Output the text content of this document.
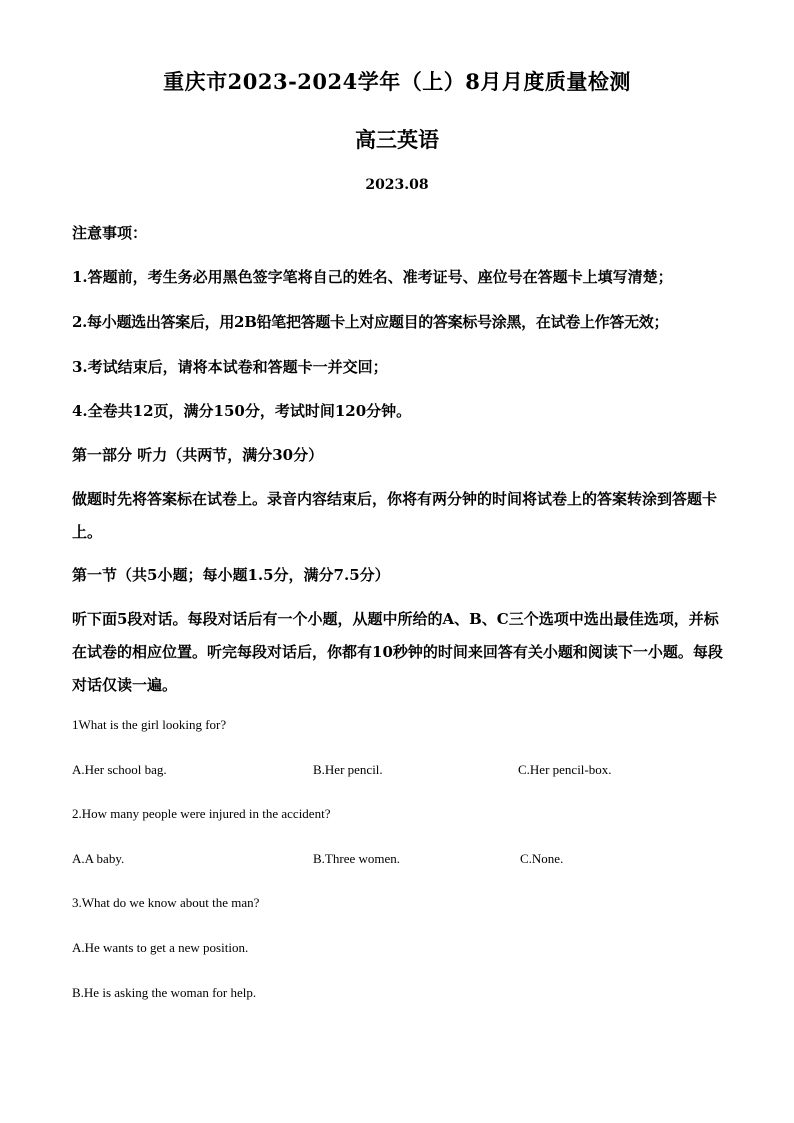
重庆市2023-2024学年（上）8月月度质量检测
高三英语
2023.08
注意事项：
1.答题前，考生务必用黑色签字笔将自己的姓名、准考证号、座位号在答题卡上填写清楚；
2.每小题选出答案后，用2B铅笔把答题卡上对应题目的答案标号涂黑，在试卷上作答无效；
3.考试结束后，请将本试卷和答题卡一并交回；
4.全卷共12页，满分150分，考试时间120分钟。
第一部分 听力（共两节，满分30分）
做题时先将答案标在试卷上。录音内容结束后，你将有两分钟的时间将试卷上的答案转涂到答题卡上。
第一节（共5小题；每小题1.5分，满分7.5分）
听下面5段对话。每段对话后有一个小题，从题中所给的A、B、C三个选项中选出最佳选项，并标在试卷的相应位置。听完每段对话后，你都有10秒钟的时间来回答有关小题和阅读下一小题。每段对话仅读一遍。
1What is the girl looking for?
A.Her school bag.	B.Her pencil.	C.Her pencil-box.
2.How many people were injured in the accident?
A.A baby.	B.Three women.	C.None.
3.What do we know about the man?
A.He wants to get a new position.
B.He is asking the woman for help.
